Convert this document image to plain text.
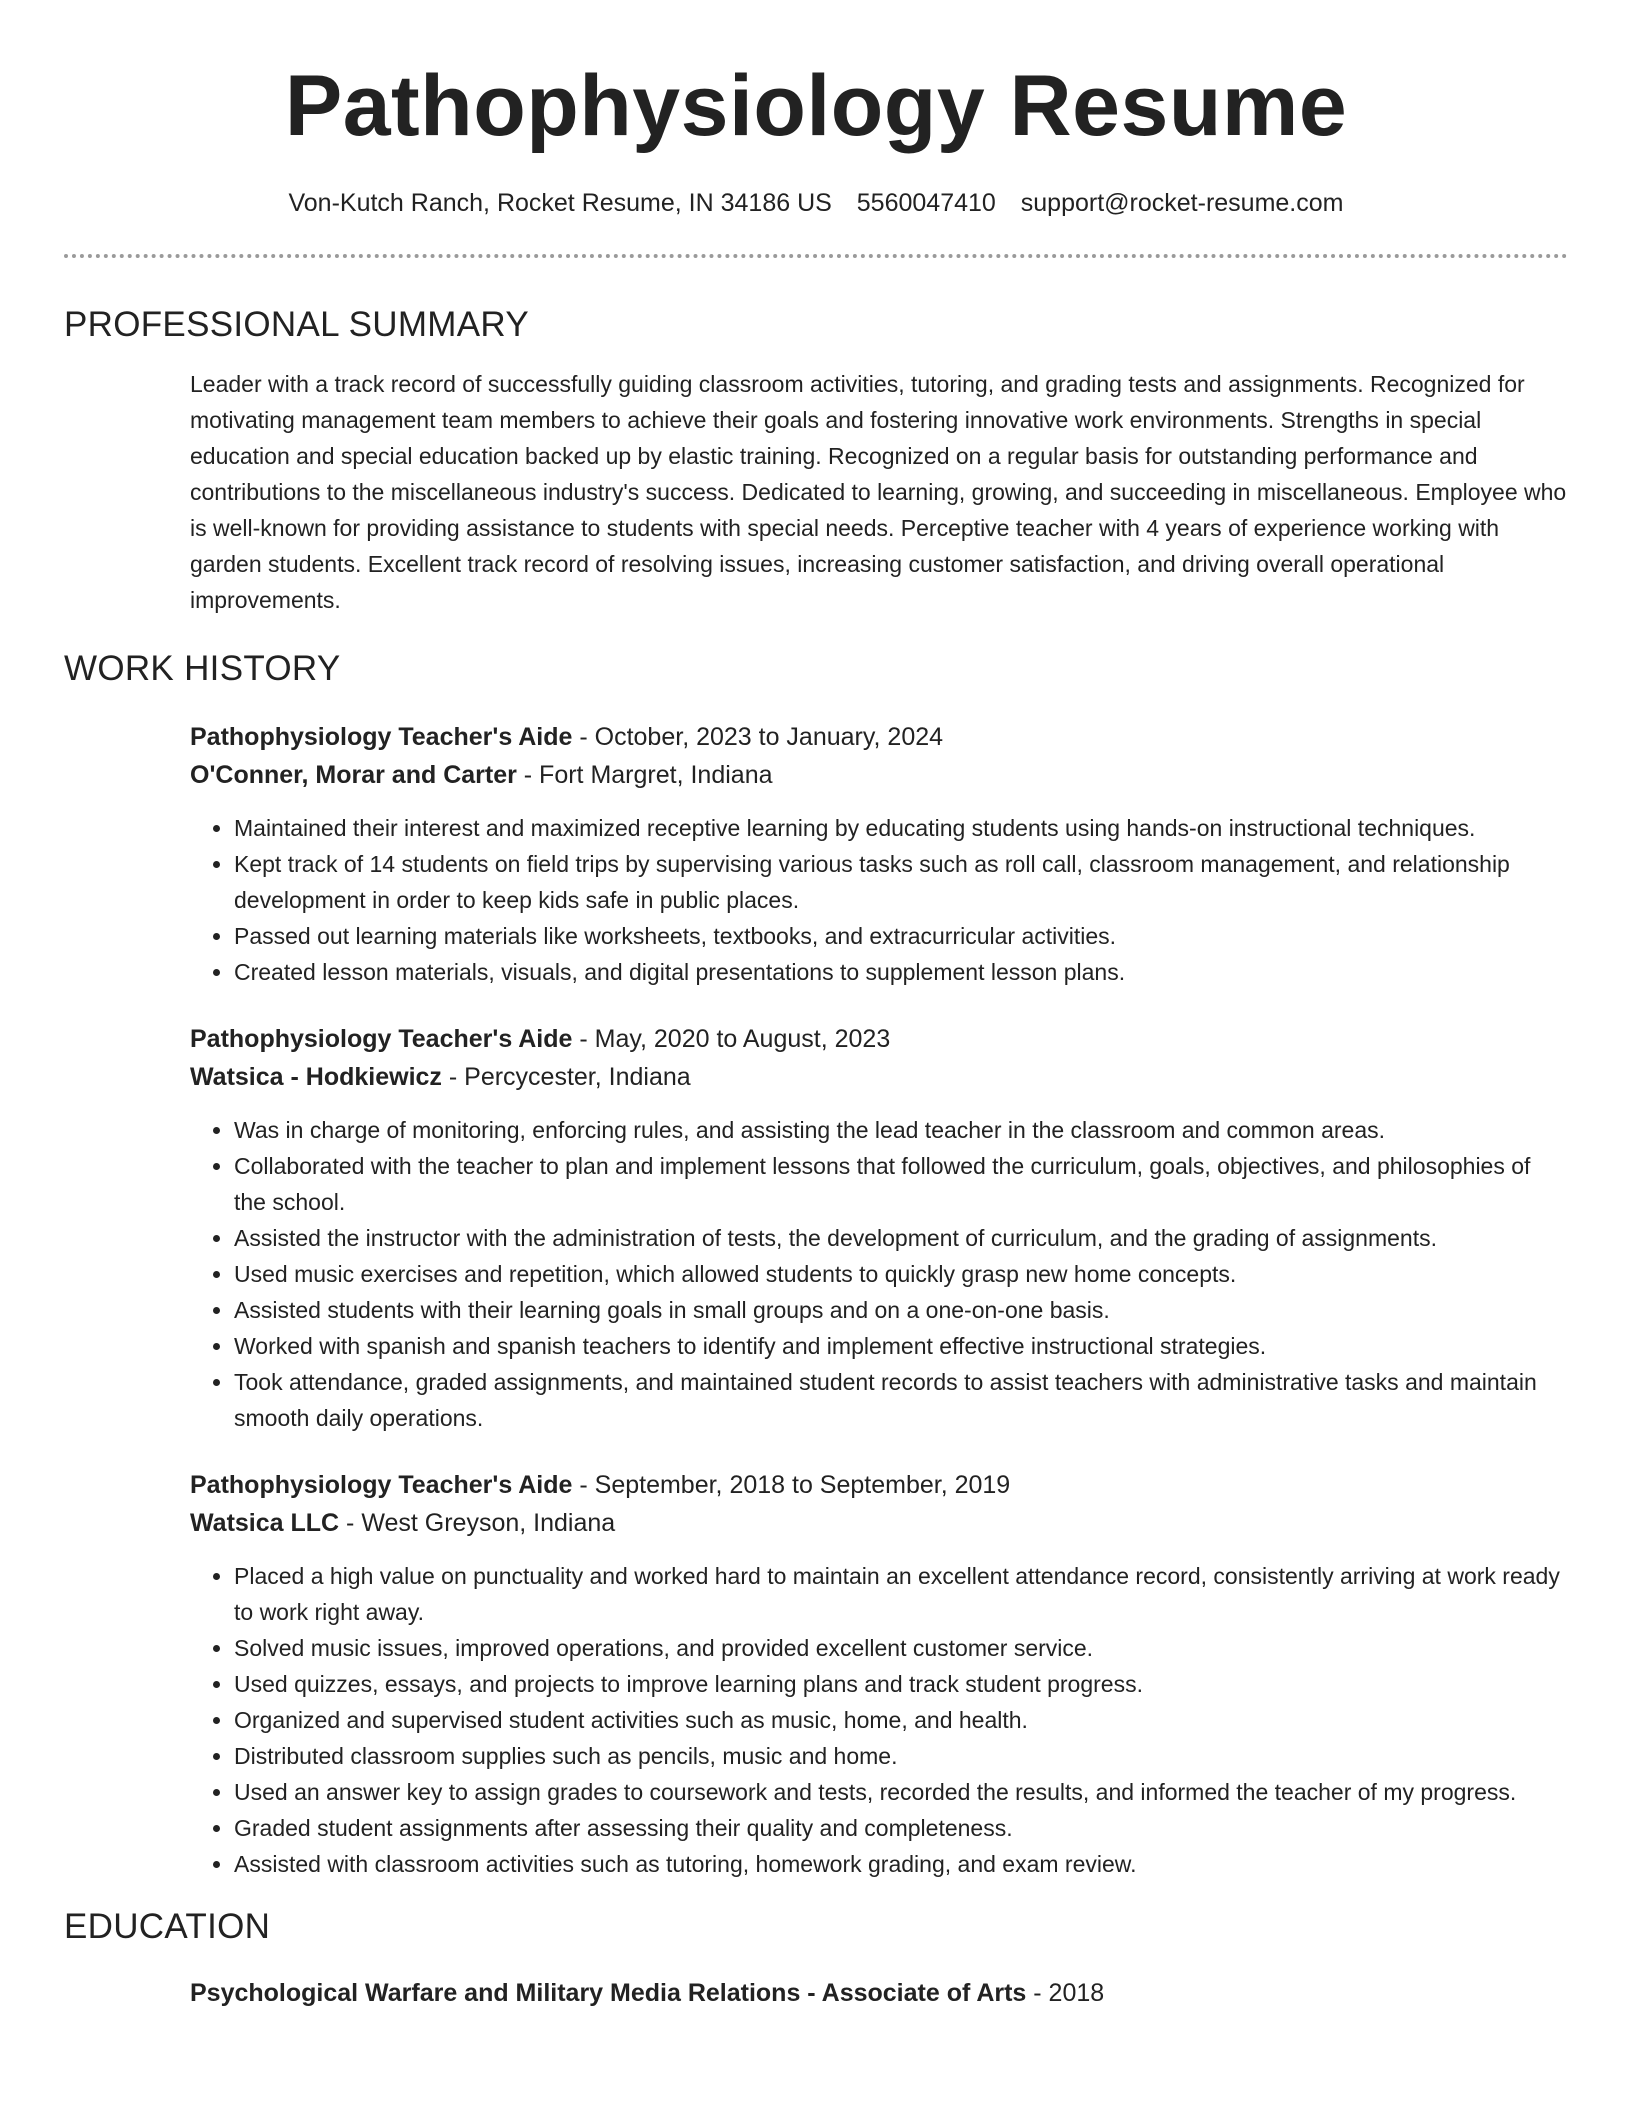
Pathophysiology Resume
Von-Kutch Ranch, Rocket Resume, IN 34186 US 5560047410 support@rocket-resume.com
PROFESSIONAL SUMMARY

Leader with a track record of successfully guiding classroom activities, tutoring, and grading tests and assignments. Recognized for motivating management team members to achieve their goals and fostering innovative work environments. Strengths in special education and special education backed up by elastic training. Recognized on a regular basis for outstanding performance and contributions to the miscellaneous industry's success. Dedicated to learning, growing, and succeeding in miscellaneous. Employee who is well-known for providing assistance to students with special needs. Perceptive teacher with 4 years of experience working with garden students. Excellent track record of resolving issues, increasing customer satisfaction, and driving overall operational improvements.

WORK HISTORY
Pathophysiology Teacher's Aide - October, 2023 to January, 2024
O'Conner, Morar and Carter - Fort Margret, Indiana
• Maintained their interest and maximized receptive learning by educating students using hands-on instructional techniques.
• Kept track of 14 students on field trips by supervising various tasks such as roll call, classroom management, and relationship development in order to keep kids safe in public places.
• Passed out learning materials like worksheets, textbooks, and extracurricular activities.
• Created lesson materials, visuals, and digital presentations to supplement lesson plans.
Pathophysiology Teacher's Aide - May, 2020 to August, 2023
Watsica - Hodkiewicz - Percycester, Indiana
• Was in charge of monitoring, enforcing rules, and assisting the lead teacher in the classroom and common areas.
• Collaborated with the teacher to plan and implement lessons that followed the curriculum, goals, objectives, and philosophies of the school.
• Assisted the instructor with the administration of tests, the development of curriculum, and the grading of assignments.
• Used music exercises and repetition, which allowed students to quickly grasp new home concepts.
• Assisted students with their learning goals in small groups and on a one-on-one basis.
• Worked with spanish and spanish teachers to identify and implement effective instructional strategies.
• Took attendance, graded assignments, and maintained student records to assist teachers with administrative tasks and maintain smooth daily operations.
Pathophysiology Teacher's Aide - September, 2018 to September, 2019
Watsica LLC - West Greyson, Indiana
• Placed a high value on punctuality and worked hard to maintain an excellent attendance record, consistently arriving at work ready to work right away.
• Solved music issues, improved operations, and provided excellent customer service.
• Used quizzes, essays, and projects to improve learning plans and track student progress.
• Organized and supervised student activities such as music, home, and health.
• Distributed classroom supplies such as pencils, music and home.
• Used an answer key to assign grades to coursework and tests, recorded the results, and informed the teacher of my progress.
• Graded student assignments after assessing their quality and completeness.
• Assisted with classroom activities such as tutoring, homework grading, and exam review.
EDUCATION
Psychological Warfare and Military Media Relations - Associate of Arts - 2018
